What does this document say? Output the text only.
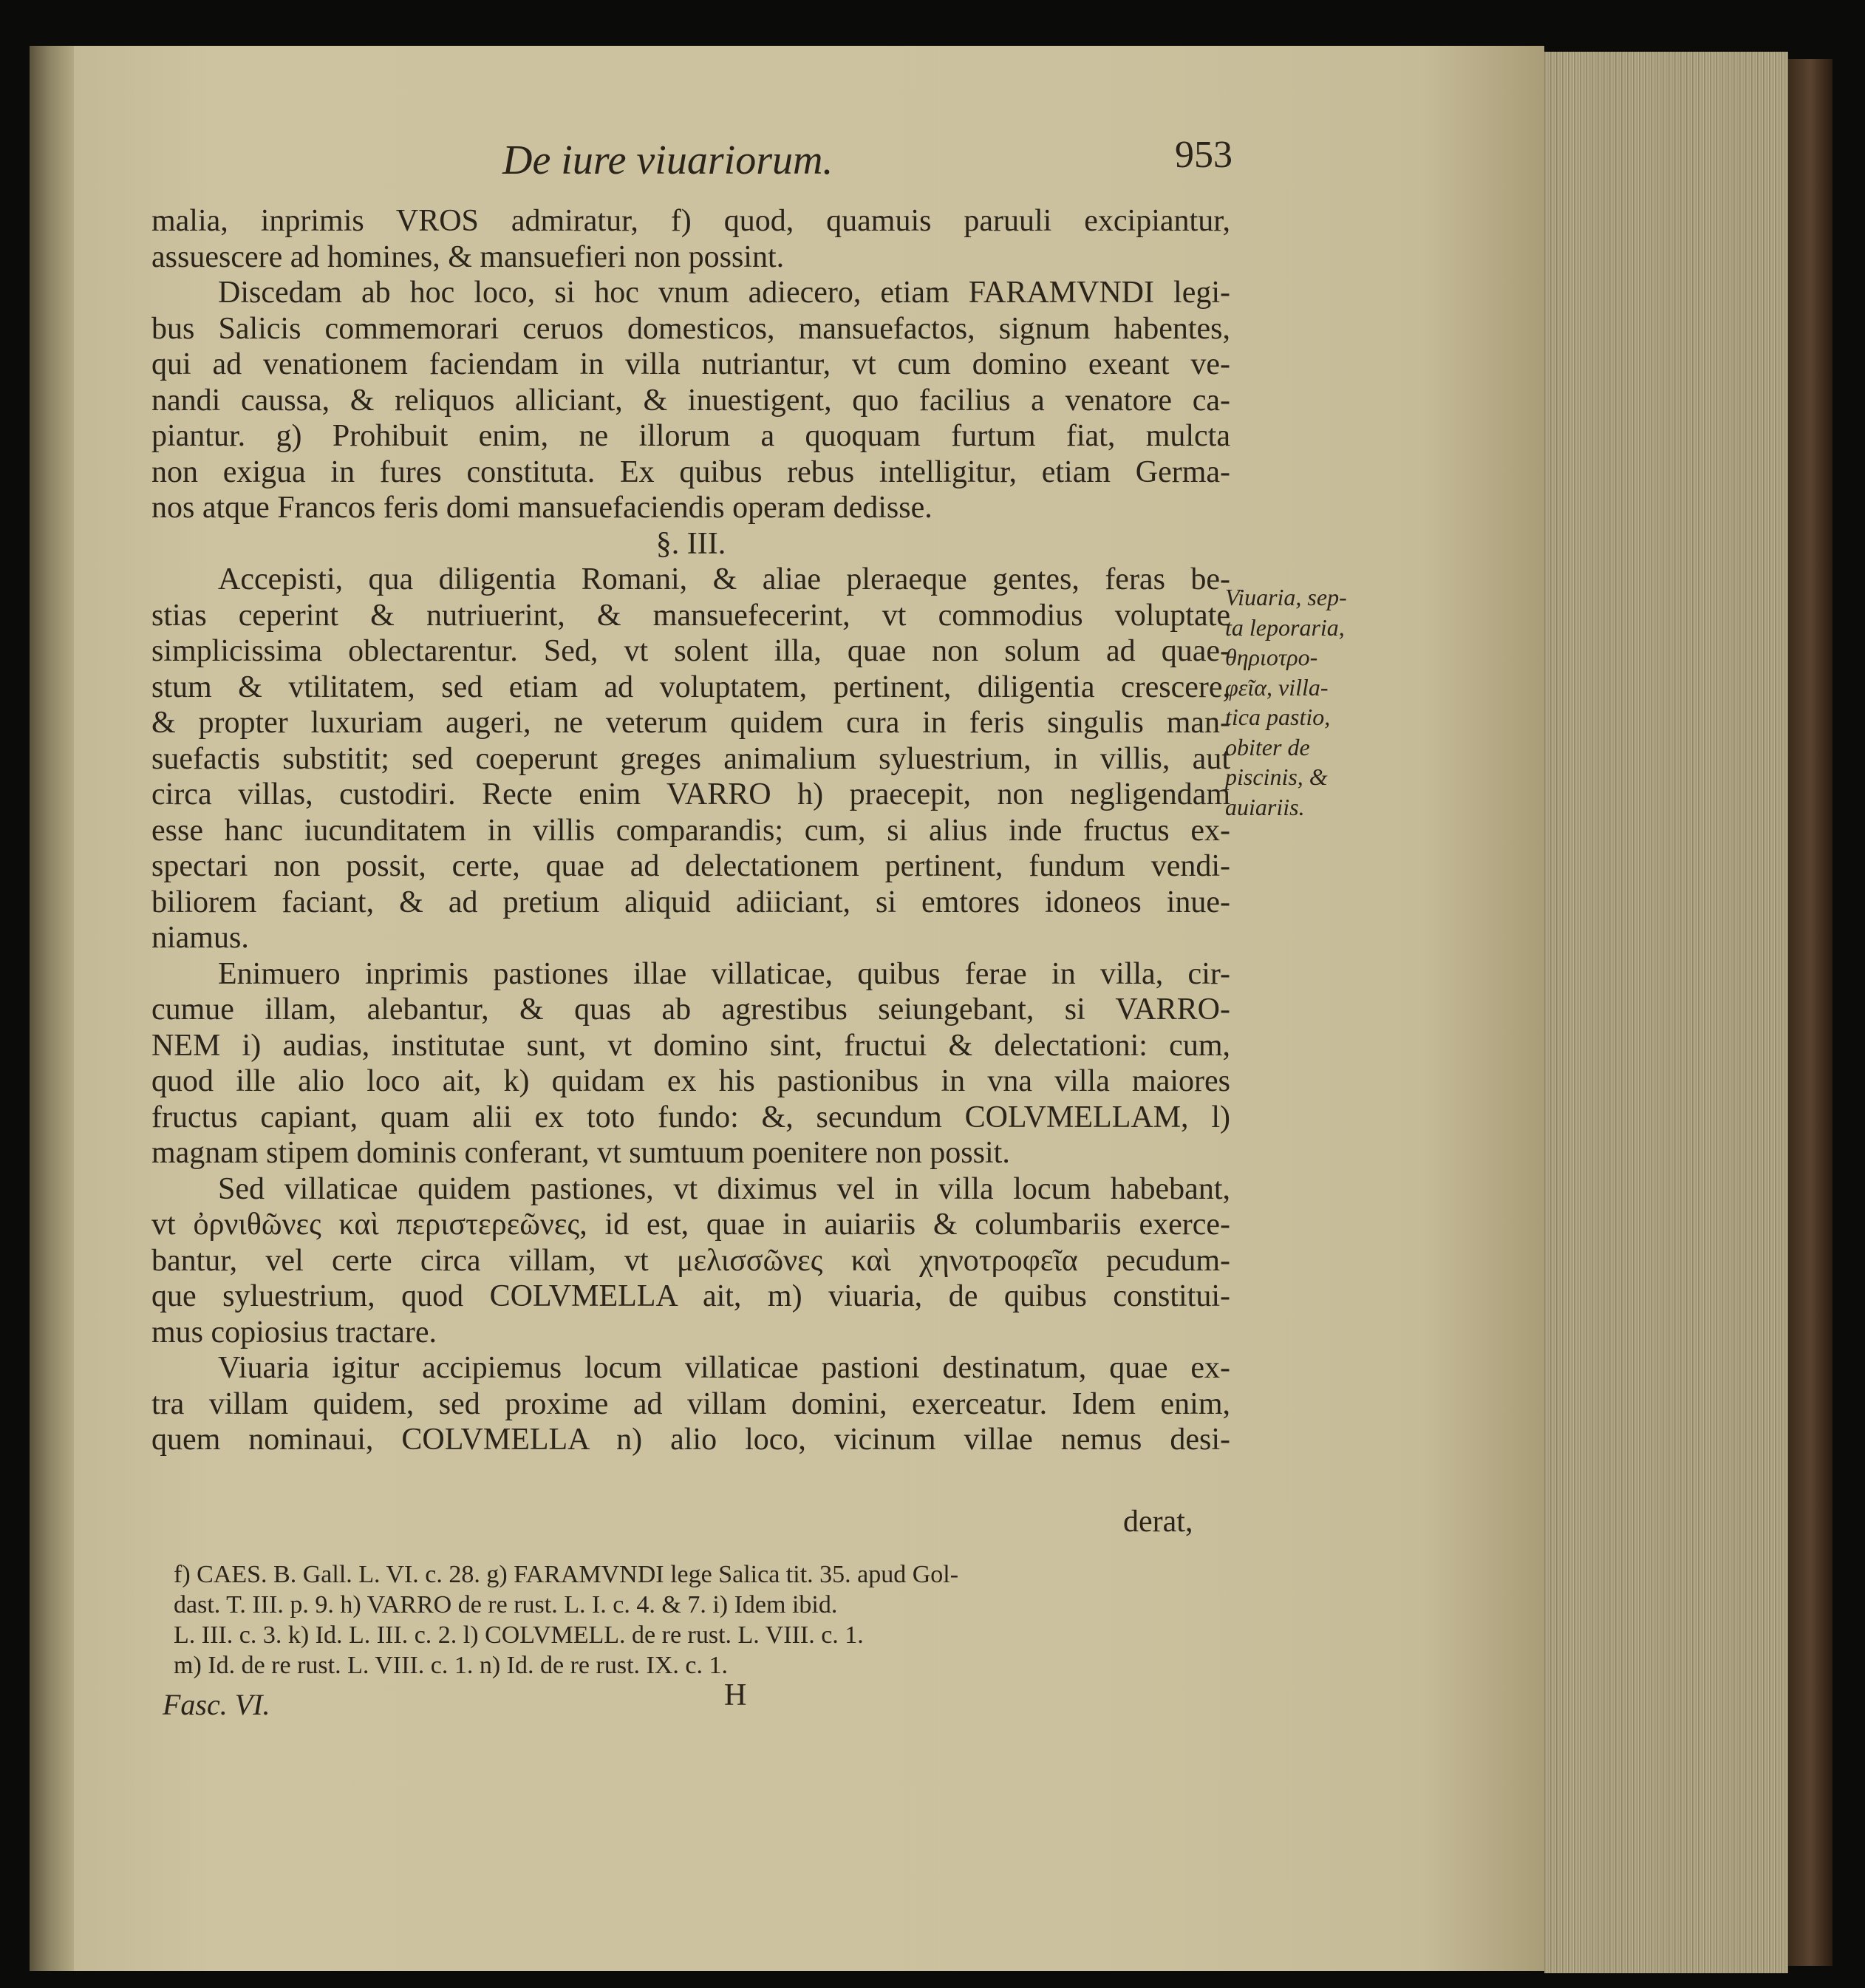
De iure viuariorum.	953
malia, inprimis VROS admiratur, f) quod, quamuis paruuli excipiantur,
assuescere ad homines, & mansuefieri non possint.
Discedam ab hoc loco, si hoc vnum adiecero, etiam FARAMVNDI legi-
bus Salicis commemorari ceruos domesticos, mansuefactos, signum habentes,
qui ad venationem faciendam in villa nutriantur, vt cum domino exeant ve-
nandi caussa, & reliquos alliciant, & inuestigent, quo facilius a venatore ca-
piantur. g) Prohibuit enim, ne illorum a quoquam furtum fiat, mulcta
non exigua in fures constituta. Ex quibus rebus intelligitur, etiam Germa-
nos atque Francos feris domi mansuefaciendis operam dedisse.
§. III.
Accepisti, qua diligentia Romani, & aliae pleraeque gentes, feras be-
stias ceperint & nutriuerint, & mansuefecerint, vt commodius voluptate
simplicissima oblectarentur. Sed, vt solent illa, quae non solum ad quae-
stum & vtilitatem, sed etiam ad voluptatem, pertinent, diligentia crescere,
& propter luxuriam augeri, ne veterum quidem cura in feris singulis man-
suefactis substitit; sed coeperunt greges animalium syluestrium, in villis, aut
circa villas, custodiri. Recte enim VARRO h) praecepit, non negligendam
esse hanc iucunditatem in villis comparandis; cum, si alius inde fructus ex-
spectari non possit, certe, quae ad delectationem pertinent, fundum vendi-
biliorem faciant, & ad pretium aliquid adiiciant, si emtores idoneos inue-
niamus.
Enimuero inprimis pastiones illae villaticae, quibus ferae in villa, cir-
cumue illam, alebantur, & quas ab agrestibus seiungebant, si VARRO-
NEM i) audias, institutae sunt, vt domino sint, fructui & delectationi: cum,
quod ille alio loco ait, k) quidam ex his pastionibus in vna villa maiores
fructus capiant, quam alii ex toto fundo: &, secundum COLVMELLAM, l)
magnam stipem dominis conferant, vt sumtuum poenitere non possit.
Sed villaticae quidem pastiones, vt diximus vel in villa locum habebant,
vt ὀρνιθῶνες καὶ περιστερεῶνες, id est, quae in auiariis & columbariis exerce-
bantur, vel certe circa villam, vt μελισσῶνες καὶ χηνοτροφεῖα pecudum-
que syluestrium, quod COLVMELLA ait, m) viuaria, de quibus constitui-
mus copiosius tractare.
Viuaria igitur accipiemus locum villaticae pastioni destinatum, quae ex-
tra villam quidem, sed proxime ad villam domini, exerceatur. Idem enim,
quem nominaui, COLVMELLA n) alio loco, vicinum villae nemus desi-
derat,
Viuaria, sep-
ta leporaria,
θηριοτρο-
φεῖα, villa-
tica pastio,
obiter de
piscinis, &
auiariis.
f) CAES. B. Gall. L. VI. c. 28. g) FARAMVNDI lege Salica tit. 35. apud Gol-
dast. T. III. p. 9. h) VARRO de re rust. L. I. c. 4. & 7. i) Idem ibid.
L. III. c. 3. k) Id. L. III. c. 2. l) COLVMELL. de re rust. L. VIII. c. 1.
m) Id. de re rust. L. VIII. c. 1. n) Id. de re rust. IX. c. 1.
Fasc. VI.	H
